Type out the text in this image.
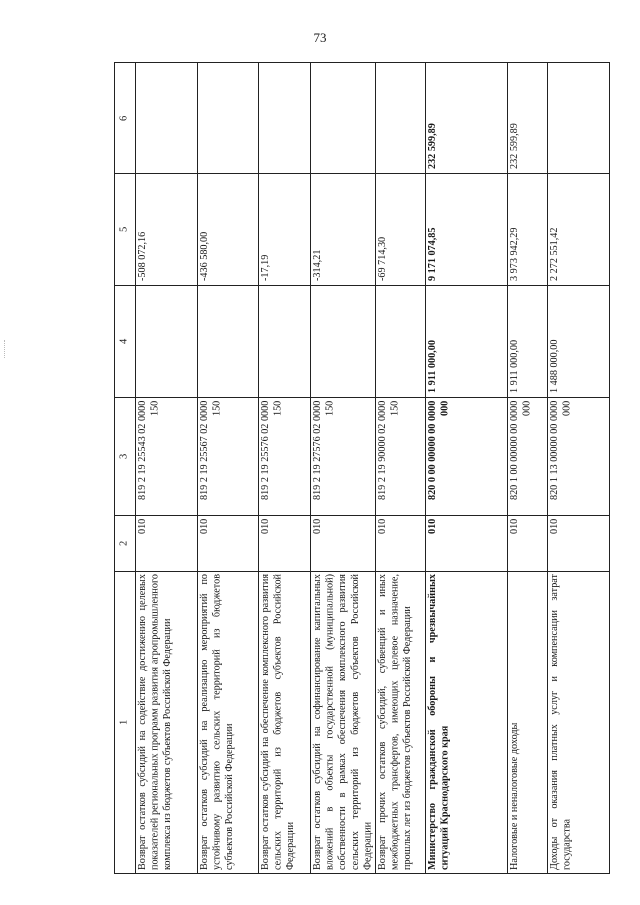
73
6
5
4
3
2
1
-508 072,16
819 2 19 25543 02 0000 150
010
Возврат остатков субсидий на содействие достижению целевых показателей региональных программ развития агропромышленного комплекса из бюджетов субъектов Российской Федерации
-436 580,00
819 2 19 25567 02 0000 150
010
Возврат остатков субсидий на реализацию мероприятий по устойчивому развитию сельских территорий из бюджетов субъектов Российской Федерации
-17,19
819 2 19 25576 02 0000 150
010
Возврат остатков субсидий на обеспечение комплексного развития сельских территорий из бюджетов субъектов Российской Федерации
-314,21
819 2 19 27576 02 0000 150
010
Возврат остатков субсидий на софинансирование капитальных вложений в объекты государственной (муниципальной) собственности в рамках обеспечения комплексного развития сельских территорий из бюджетов субъектов Российской Федерации
-69 714,30
819 2 19 90000 02 0000 150
010
Возврат прочих остатков субсидий, субвенций и иных межбюджетных трансфертов, имеющих целевое назначение, прошлых лет из бюджетов субъектов Российской Федерации
232 599,89
9 171 074,85
1 911 000,00
820 0 00 00000 00 0000 000
010
Министерство гражданской обороны и чрезвычайных ситуаций Краснодарского края
232 599,89
3 973 942,29
1 911 000,00
820 1 00 00000 00 0000 000
010
Налоговые и неналоговые доходы
2 272 551,42
1 488 000,00
820 1 13 00000 00 0000 000
010
Доходы от оказания платных услуг и компенсации затрат государства
